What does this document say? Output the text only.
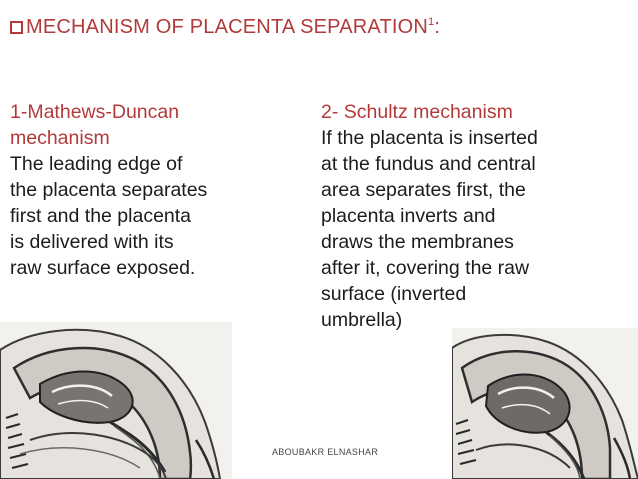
MECHANISM OF PLACENTA SEPARATION$^1$:
1-Mathews-Duncan
mechanism
The leading edge of
the placenta separates
first and the placenta
is delivered with its
raw surface exposed.
2- Schultz mechanism
If the placenta is inserted
at the fundus and central
area separates first, the
placenta inverts and
draws the membranes
after it, covering the raw
surface (inverted
umbrella)
ABOUBAKR ELNASHAR
